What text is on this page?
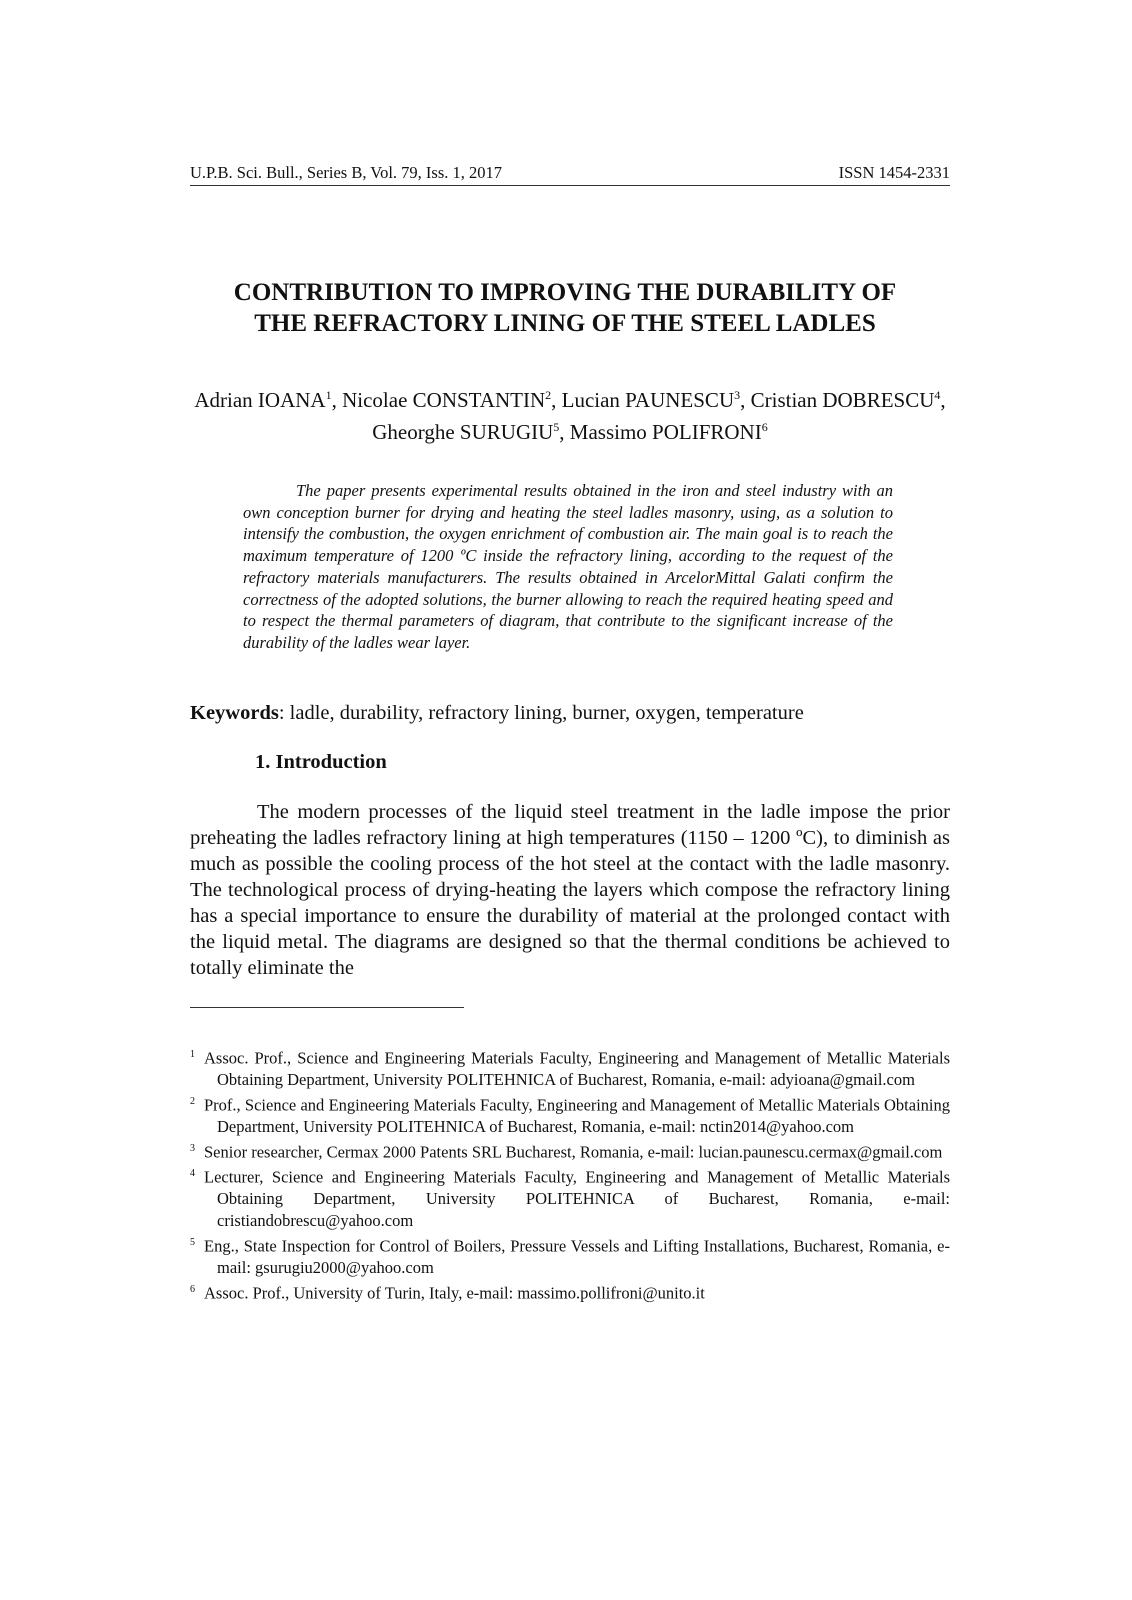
U.P.B. Sci. Bull., Series B, Vol. 79, Iss. 1, 2017	ISSN 1454-2331
CONTRIBUTION TO IMPROVING THE DURABILITY OF
THE REFRACTORY LINING OF THE STEEL LADLES
Adrian IOANA$^1$, Nicolae CONSTANTIN$^2$, Lucian PAUNESCU$^3$, Cristian DOBRESCU$^4$, Gheorghe SURUGIU$^5$, Massimo POLIFRONI$^6$
The paper presents experimental results obtained in the iron and steel industry with an own conception burner for drying and heating the steel ladles masonry, using, as a solution to intensify the combustion, the oxygen enrichment of combustion air. The main goal is to reach the maximum temperature of 1200 ºC inside the refractory lining, according to the request of the refractory materials manufacturers. The results obtained in ArcelorMittal Galati confirm the correctness of the adopted solutions, the burner allowing to reach the required heating speed and to respect the thermal parameters of diagram, that contribute to the significant increase of the durability of the ladles wear layer.
Keywords: ladle, durability, refractory lining, burner, oxygen, temperature
1. Introduction
The modern processes of the liquid steel treatment in the ladle impose the prior preheating the ladles refractory lining at high temperatures (1150 – 1200 ºC), to diminish as much as possible the cooling process of the hot steel at the contact with the ladle masonry. The technological process of drying-heating the layers which compose the refractory lining has a special importance to ensure the durability of material at the prolonged contact with the liquid metal. The diagrams are designed so that the thermal conditions be achieved to totally eliminate the

$^1$ Assoc. Prof., Science and Engineering Materials Faculty, Engineering and Management of Metallic Materials Obtaining Department, University POLITEHNICA of Bucharest, Romania, e-mail: adyioana@gmail.com

$^2$ Prof., Science and Engineering Materials Faculty, Engineering and Management of Metallic Materials Obtaining Department, University POLITEHNICA of Bucharest, Romania, e-mail: nctin2014@yahoo.com

$^3$ Senior researcher, Cermax 2000 Patents SRL Bucharest, Romania, e-mail: lucian.paunescu.cermax@gmail.com

$^4$ Lecturer, Science and Engineering Materials Faculty, Engineering and Management of Metallic Materials Obtaining Department, University POLITEHNICA of Bucharest, Romania, e-mail: cristiandobrescu@yahoo.com

$^5$ Eng., State Inspection for Control of Boilers, Pressure Vessels and Lifting Installations, Bucharest, Romania, e-mail: gsurugiu2000@yahoo.com

$^6$ Assoc. Prof., University of Turin, Italy, e-mail: massimo.pollifroni@unito.it
